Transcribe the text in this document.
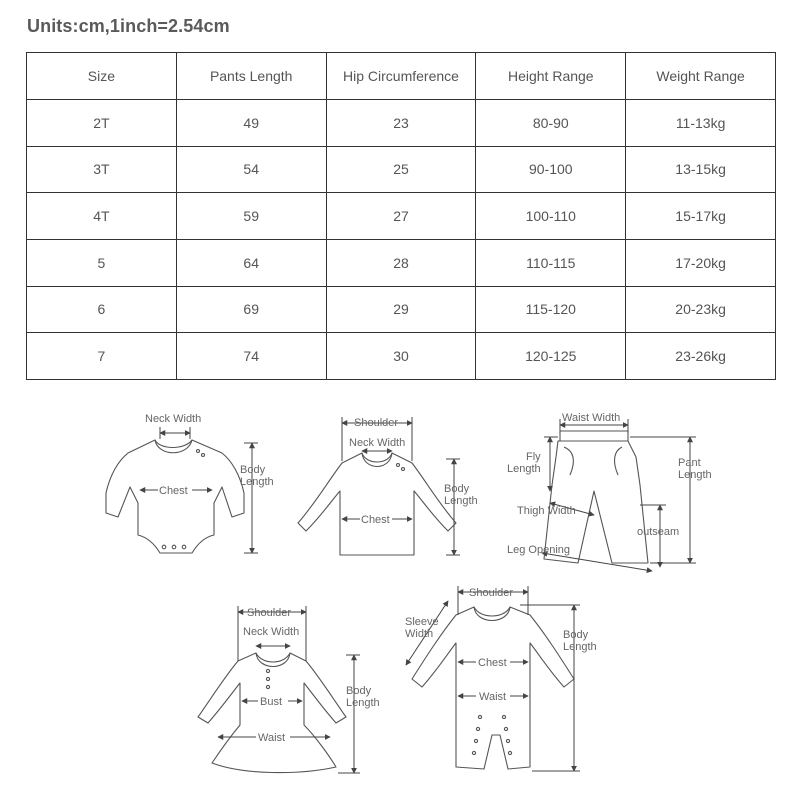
Units:cm,1inch=2.54cm
Size	Pants Length	Hip Circumference	Height Range	Weight Range
2T	49	23	80-90	11-13kg
3T	54	25	90-100	13-15kg
4T	59	27	100-110	15-17kg
5	64	28	110-115	17-20kg
6	69	29	115-120	20-23kg
7	74	30	120-125	23-26kg
Neck Width
Chest
Body
Length
Shoulder
Neck Width
Chest
Body
Length
Waist Width
Fly
Length	Pant
Length
Thigh Width
outseam
Leg Opening
Shoulder
Neck Width
Bust
Waist
Body
Length
Shoulder
Sleeve
Width
Chest
Waist
Body
Length
